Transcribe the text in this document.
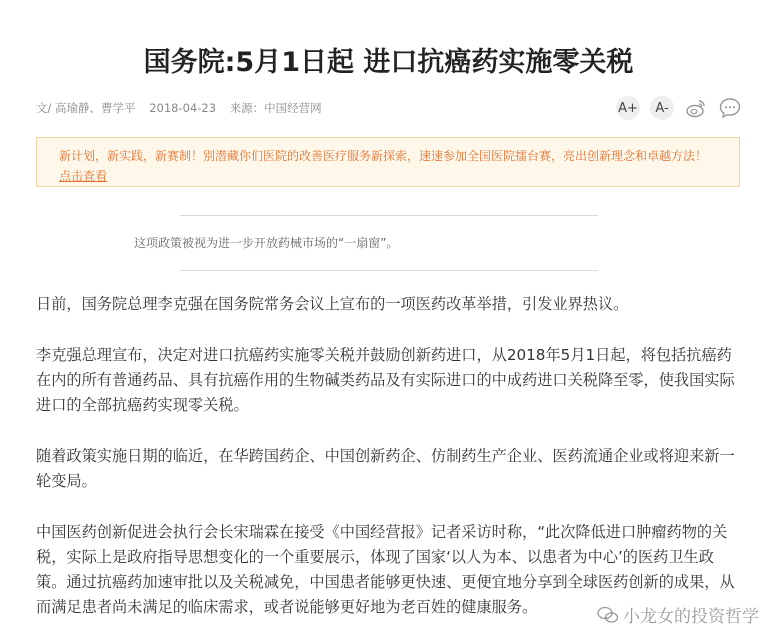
国务院:5月1日起 进口抗癌药实施零关税
文/ 高瑜静、曹学平 2018-04-23 来源：中国经营网	A+	A-
新计划，新实践，新赛制！别潜藏你们医院的改善医疗服务新探索，速速参加全国医院擂台赛，亮出创新理念和卓越方法！点击查看
这项政策被视为进一步开放药械市场的“一扇窗”。
日前，国务院总理李克强在国务院常务会议上宣布的一项医药改革举措，引发业界热议。
李克强总理宣布，决定对进口抗癌药实施零关税并鼓励创新药进口，从2018年5月1日起，将包括抗癌药在内的所有普通药品、具有抗癌作用的生物碱类药品及有实际进口的中成药进口关税降至零，使我国实际进口的全部抗癌药实现零关税。
随着政策实施日期的临近，在华跨国药企、中国创新药企、仿制药生产企业、医药流通企业或将迎来新一轮变局。
中国医药创新促进会执行会长宋瑞霖在接受《中国经营报》记者采访时称，“此次降低进口肿瘤药物的关税，实际上是政府指导思想变化的一个重要展示，体现了国家‘以人为本、以患者为中心’的医药卫生政策。通过抗癌药加速审批以及关税减免，中国患者能够更快速、更便宜地分享到全球医药创新的成果，从而满足患者尚未满足的临床需求，或者说能够更好地为老百姓的健康服务。	小龙女的投资哲学
